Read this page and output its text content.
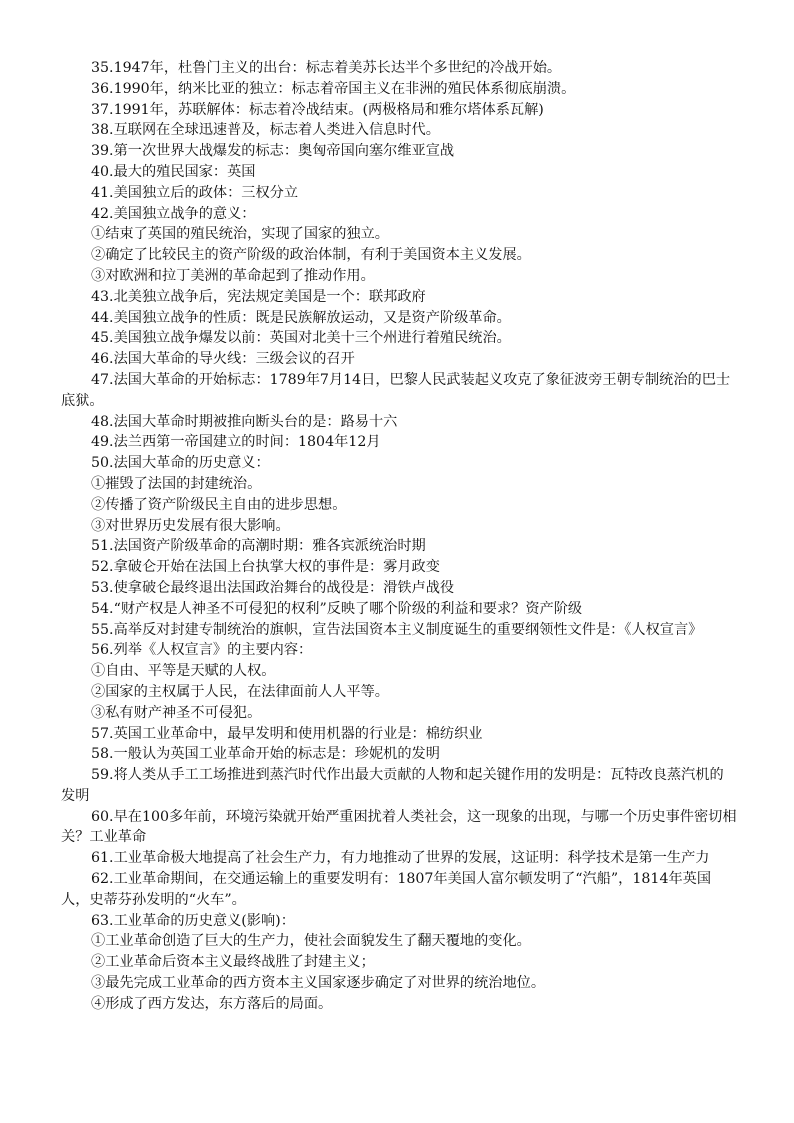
35.1947年，杜鲁门主义的出台：标志着美苏长达半个多世纪的冷战开始。

36.1990年，纳米比亚的独立：标志着帝国主义在非洲的殖民体系彻底崩溃。

37.1991年，苏联解体：标志着冷战结束。(两极格局和雅尔塔体系瓦解)

38.互联网在全球迅速普及，标志着人类进入信息时代。

39.第一次世界大战爆发的标志：奥匈帝国向塞尔维亚宣战

40.最大的殖民国家：英国

41.美国独立后的政体：三权分立

42.美国独立战争的意义：

①结束了英国的殖民统治，实现了国家的独立。

②确定了比较民主的资产阶级的政治体制，有利于美国资本主义发展。

③对欧洲和拉丁美洲的革命起到了推动作用。

43.北美独立战争后，宪法规定美国是一个：联邦政府

44.美国独立战争的性质：既是民族解放运动，又是资产阶级革命。

45.美国独立战争爆发以前：英国对北美十三个州进行着殖民统治。

46.法国大革命的导火线：三级会议的召开

47.法国大革命的开始标志：1789年7月14日，巴黎人民武装起义攻克了象征波旁王朝专制统治的巴士底狱。

48.法国大革命时期被推向断头台的是：路易十六

49.法兰西第一帝国建立的时间：1804年12月

50.法国大革命的历史意义：

①摧毁了法国的封建统治。

②传播了资产阶级民主自由的进步思想。

③对世界历史发展有很大影响。

51.法国资产阶级革命的高潮时期：雅各宾派统治时期

52.拿破仑开始在法国上台执掌大权的事件是：雾月政变

53.使拿破仑最终退出法国政治舞台的战役是：滑铁卢战役

54.“财产权是人神圣不可侵犯的权利”反映了哪个阶级的利益和要求？资产阶级

55.高举反对封建专制统治的旗帜，宣告法国资本主义制度诞生的重要纲领性文件是：《人权宣言》

56.列举《人权宣言》的主要内容：

①自由、平等是天赋的人权。

②国家的主权属于人民，在法律面前人人平等。

③私有财产神圣不可侵犯。

57.英国工业革命中，最早发明和使用机器的行业是：棉纺织业

58.一般认为英国工业革命开始的标志是：珍妮机的发明

59.将人类从手工工场推进到蒸汽时代作出最大贡献的人物和起关键作用的发明是：瓦特改良蒸汽机的发明

60.早在100多年前，环境污染就开始严重困扰着人类社会，这一现象的出现，与哪一个历史事件密切相关？工业革命

61.工业革命极大地提高了社会生产力，有力地推动了世界的发展，这证明：科学技术是第一生产力

62.工业革命期间，在交通运输上的重要发明有：1807年美国人富尔顿发明了“汽船”，1814年英国人，史蒂芬孙发明的“火车”。

63.工业革命的历史意义(影响)：

①工业革命创造了巨大的生产力，使社会面貌发生了翻天覆地的变化。

②工业革命后资本主义最终战胜了封建主义；

③最先完成工业革命的西方资本主义国家逐步确定了对世界的统治地位。

④形成了西方发达，东方落后的局面。
